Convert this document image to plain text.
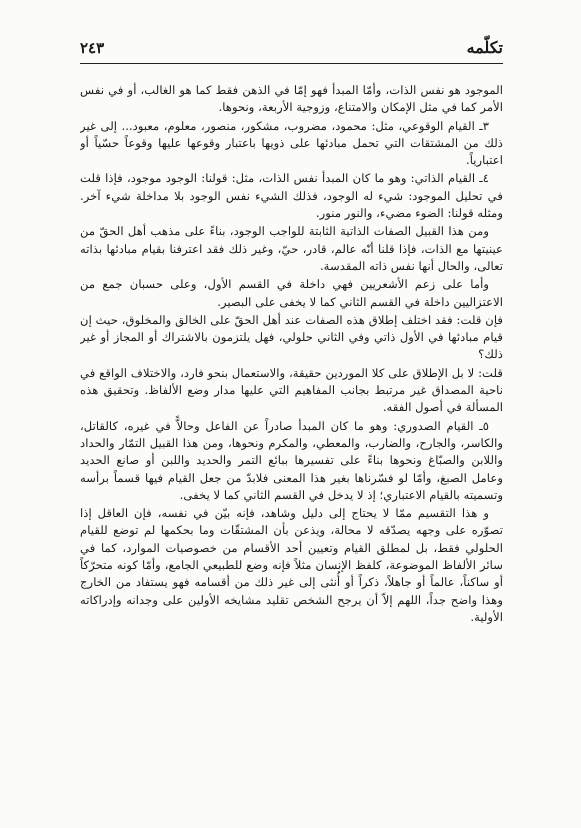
تكلّمه
٢٤٣

الموجود هو نفس الذات، وأمّا المبدأ فهو إمّا في الذهن فقط كما هو الغالب، أو في نفس الأمر كما في مثل الإمكان والامتناع، وزوجية الأربعة، ونحوها.

٣ـ القيام الوقوعي، مثل: محمود، مضروب، مشكور، منصور، معلوم، معبود... إلى غير ذلك من المشتقات التي تحمل مبادئها على ذويها باعتبار وقوعها عليها وقوعاً حسّياً أو اعتبارياً.

٤ـ القيام الذاتي: وهو ما كان المبدأ نفس الذات، مثل: قولنا: الوجود موجود، فإذا قلت في تحليل الموجود: شيء له الوجود، فذلك الشيء نفس الوجود بلا مداخلة شيء آخر. ومثله قولنا: الضوء مضيء، والنور منور.

ومن هذا القبيل الصفات الذاتية الثابتة للواجب الوجود، بناءً على مذهب أهل الحقّ من عينيتها مع الذات، فإذا قلنا أنّه عالم، قادر، حيّ، وغير ذلك فقد اعترفنا بقيام مبادئها بذاته تعالى، والحال أنها نفس ذاته المقدسة.

وأما على زعم الأشعريين فهي داخلة في القسم الأول، وعلى حسبان جمع من الاعتزاليين داخلة في القسم الثاني كما لا يخفى على البصير.

فإن قلت: فقد اختلف إطلاق هذه الصفات عند أهل الحقّ على الخالق والمخلوق، حيث إن قيام مبادئها في الأول ذاتي وفي الثاني حلولي، فهل يلتزمون بالاشتراك أو المجاز أو غير ذلك؟

قلت: لا بل الإطلاق على كلا الموردين حقيقة، والاستعمال بنحو فارد، والاختلاف الواقع في ناحية المصداق غير مرتبط بجانب المفاهيم التي عليها مدار وضع الألفاظ. وتحقيق هذه المسألة في أصول الفقه.

٥ـ القيام الصدوري: وهو ما كان المبدأ صادراً عن الفاعل وحالاًّ في غيره، كالقاتل، والكاسر، والجارح، والضارب، والمعطي، والمكرم ونحوها، ومن هذا القبيل التمّار والحداد واللابن والصبّاغ ونحوها بناءً على تفسيرها ببائع التمر والحديد واللبن أو صانع الحديد وعامل الصبغ، وأمّا لو فسّرناها بغير هذا المعنى فلابدّ من جعل القيام فيها قسماً برأسه وتسميته بالقيام الاعتباري؛ إذ لا يدخل في القسم الثاني كما لا يخفى.

و هذا التقسيم ممّا لا يحتاج إلى دليل وشاهد، فإنه بيّن في نفسه، فإن العاقل إذا تصوّره على وجهه يصدّقه لا محالة، ويذعن بأن المشتقّات وما بحكمها لم توضع للقيام الحلولي فقط، بل لمطلق القيام وتعيين أحد الأقسام من خصوصيات الموارد، كما في سائر الألفاظ الموضوعة، كلفظ الإنسان مثلاً فإنه وضع للطبيعي الجامع، وأمّا كونه متحرّكاً أو ساكناً، عالماً أو جاهلاً، ذكراً أو أُنثى إلى غير ذلك من أقسامه فهو يستفاد من الخارج وهذا واضح جداً، اللهم إلاّ أن يرجح الشخص تقليد مشايخه الأولين على وجدانه وإدراكاته الأولية.
